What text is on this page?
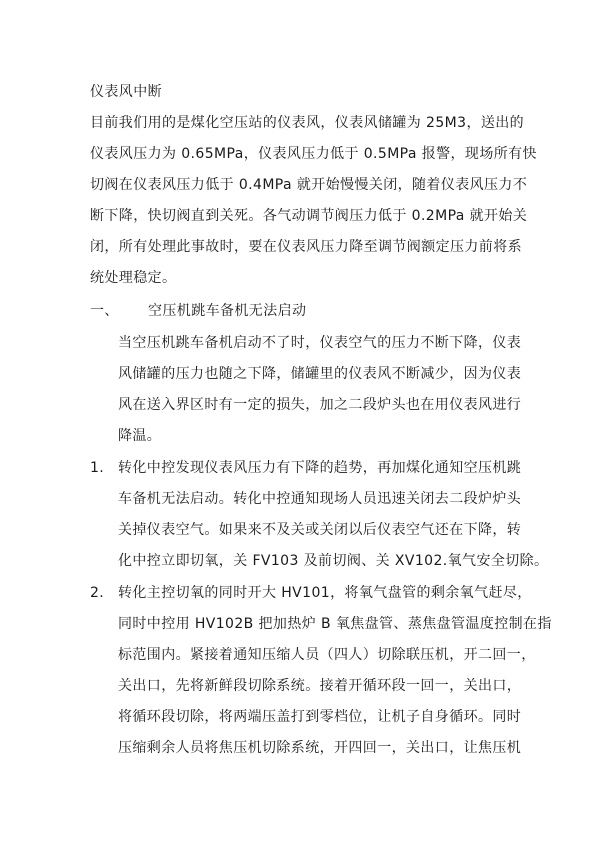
仪表风中断
目前我们用的是煤化空压站的仪表风，仪表风储罐为 25M3，送出的
仪表风压力为 0.65MPa，仪表风压力低于 0.5MPa 报警，现场所有快
切阀在仪表风压力低于 0.4MPa 就开始慢慢关闭，随着仪表风压力不
断下降，快切阀直到关死。各气动调节阀压力低于 0.2MPa 就开始关
闭，所有处理此事故时，要在仪表风压力降至调节阀额定压力前将系
统处理稳定。
一、 空压机跳车备机无法启动
当空压机跳车备机启动不了时，仪表空气的压力不断下降，仪表
风储罐的压力也随之下降，储罐里的仪表风不断减少，因为仪表
风在送入界区时有一定的损失，加之二段炉头也在用仪表风进行
降温。
1. 转化中控发现仪表风压力有下降的趋势，再加煤化通知空压机跳
车备机无法启动。转化中控通知现场人员迅速关闭去二段炉炉头
关掉仪表空气。如果来不及关或关闭以后仪表空气还在下降，转
化中控立即切氧，关 FV103 及前切阀、关 XV102.氧气安全切除。
2. 转化主控切氧的同时开大 HV101，将氧气盘管的剩余氧气赶尽，
同时中控用 HV102B 把加热炉 B 氧焦盘管、蒸焦盘管温度控制在指
标范围内。紧接着通知压缩人员（四人）切除联压机，开二回一，
关出口，先将新鲜段切除系统。接着开循环段一回一，关出口，
将循环段切除，将两端压盖打到零档位，让机子自身循环。同时
压缩剩余人员将焦压机切除系统，开四回一，关出口，让焦压机
